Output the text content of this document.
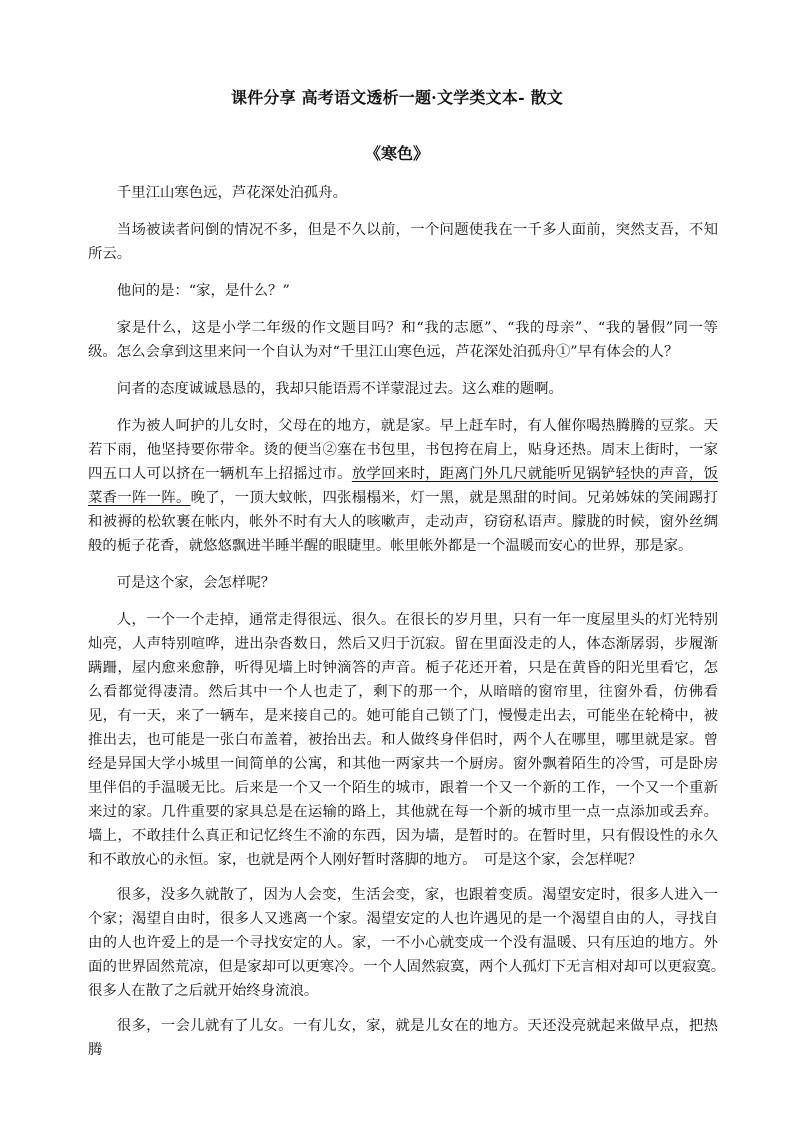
课件分享 高考语文透析一题·文学类文本- 散文
《寒色》

千里江山寒色远，芦花深处泊孤舟。

当场被读者问倒的情况不多，但是不久以前，一个问题使我在一千多人面前，突然支吾，不知所云。

他问的是：“家，是什么？”

家是什么，这是小学二年级的作文题目吗？和“我的志愿”、“我的母亲”、“我的暑假”同一等级。怎么会拿到这里来问一个自认为对“千里江山寒色远，芦花深处泊孤舟①”早有体会的人？

问者的态度诚诚恳恳的，我却只能语焉不详蒙混过去。这么难的题啊。

作为被人呵护的儿女时，父母在的地方，就是家。早上赶车时，有人催你喝热腾腾的豆浆。天若下雨，他坚持要你带伞。烫的便当②塞在书包里，书包挎在肩上，贴身还热。周末上街时，一家四五口人可以挤在一辆机车上招摇过市。放学回来时，距离门外几尺就能听见锅铲轻快的声音，饭菜香一阵一阵。晚了，一顶大蚊帐，四张榻榻米，灯一黑，就是黑甜的时间。兄弟姊妹的笑闹踢打和被褥的松软裹在帐内，帐外不时有大人的咳嗽声，走动声，窃窃私语声。朦胧的时候，窗外丝绸般的栀子花香，就悠悠飘进半睡半醒的眼睫里。帐里帐外都是一个温暖而安心的世界，那是家。

可是这个家，会怎样呢？

人，一个一个走掉，通常走得很远、很久。在很长的岁月里，只有一年一度屋里头的灯光特别灿亮，人声特别喧哗，进出杂沓数日，然后又归于沉寂。留在里面没走的人，体态渐孱弱，步履渐蹒跚，屋内愈来愈静，听得见墙上时钟滴答的声音。栀子花还开着，只是在黄昏的阳光里看它，怎么看都觉得凄清。然后其中一个人也走了，剩下的那一个，从暗暗的窗帘里，往窗外看，仿佛看见，有一天，来了一辆车，是来接自己的。她可能自己锁了门，慢慢走出去，可能坐在轮椅中，被推出去，也可能是一张白布盖着，被抬出去。和人做终身伴侣时，两个人在哪里，哪里就是家。曾经是异国大学小城里一间简单的公寓，和其他一两家共一个厨房。窗外飘着陌生的冷雪，可是卧房里伴侣的手温暖无比。后来是一个又一个陌生的城市，跟着一个又一个新的工作，一个又一个重新来过的家。几件重要的家具总是在运输的路上，其他就在每一个新的城市里一点一点添加或丢弃。墙上，不敢挂什么真正和记忆终生不渝的东西，因为墙，是暂时的。在暂时里，只有假设性的永久和不敢放心的永恒。家，也就是两个人刚好暂时落脚的地方。　可是这个家，会怎样呢？

很多，没多久就散了，因为人会变，生活会变，家，也跟着变质。渴望安定时，很多人进入一个家；渴望自由时，很多人又逃离一个家。渴望安定的人也许遇见的是一个渴望自由的人，寻找自由的人也许爱上的是一个寻找安定的人。家，一不小心就变成一个没有温暖、只有压迫的地方。外面的世界固然荒凉，但是家却可以更寒冷。一个人固然寂寞，两个人孤灯下无言相对却可以更寂寞。　很多人在散了之后就开始终身流浪。

很多，一会儿就有了儿女。一有儿女，家，就是儿女在的地方。天还没亮就起来做早点，把热腾
